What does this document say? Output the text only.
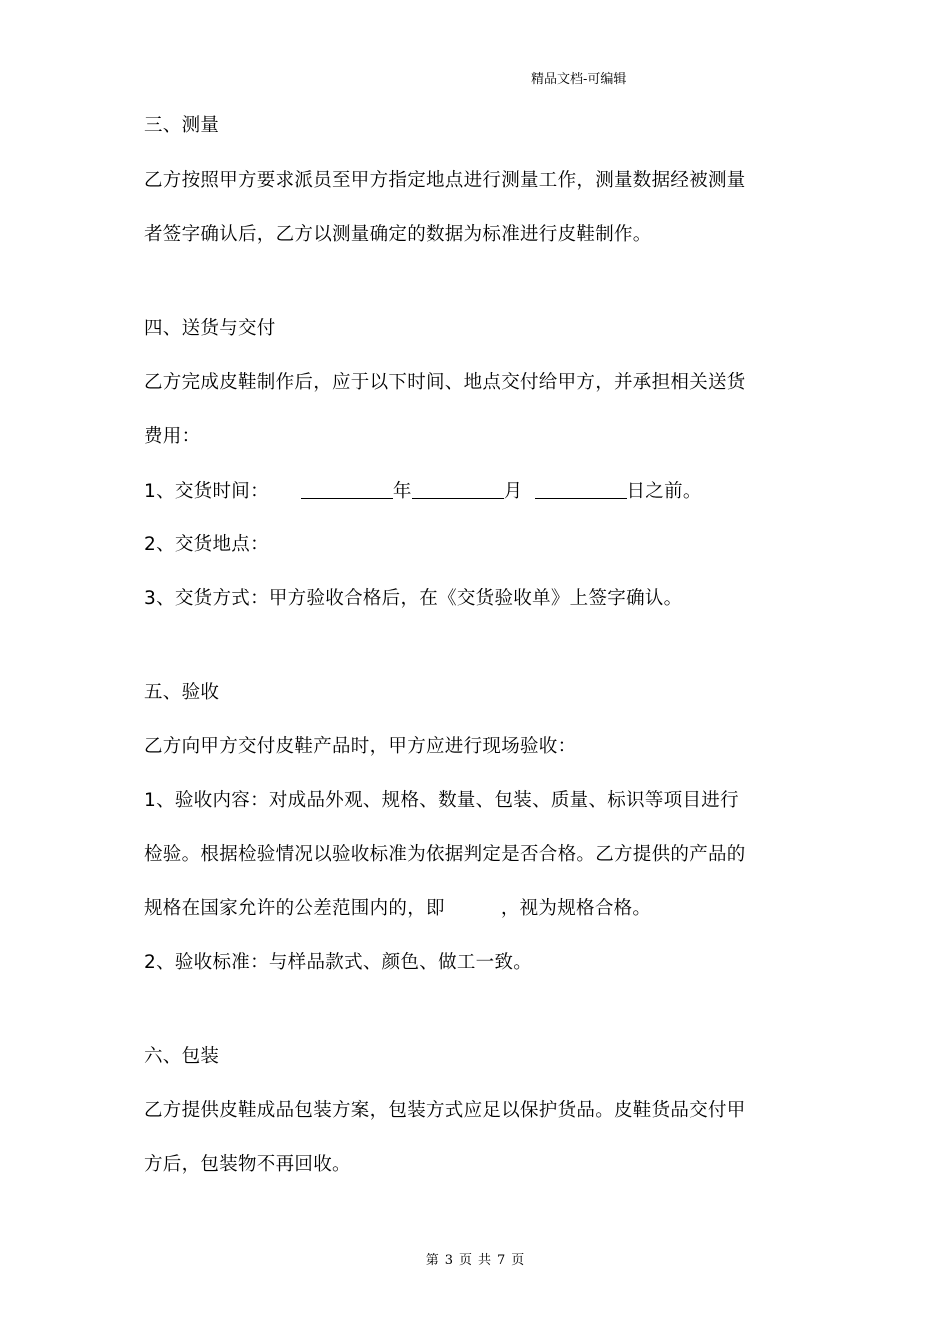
精品文档-可编辑
三、测量
乙方按照甲方要求派员至甲方指定地点进行测量工作，测量数据经被测量
者签字确认后，乙方以测量确定的数据为标准进行皮鞋制作。
四、送货与交付
乙方完成皮鞋制作后，应于以下时间、地点交付给甲方，并承担相关送货
费用：
1、交货时间：	年	月	日之前。
2、交货地点：
3、交货方式：甲方验收合格后，在《交货验收单》上签字确认。
五、验收
乙方向甲方交付皮鞋产品时，甲方应进行现场验收：
1、验收内容：对成品外观、规格、数量、包装、质量、标识等项目进行
检验。根据检验情况以验收标准为依据判定是否合格。乙方提供的产品的
规格在国家允许的公差范围内的，即	，视为规格合格。
2、验收标准：与样品款式、颜色、做工一致。
六、包装
乙方提供皮鞋成品包装方案，包装方式应足以保护货品。皮鞋货品交付甲
方后，包装物不再回收。
第 3 页 共 7 页
